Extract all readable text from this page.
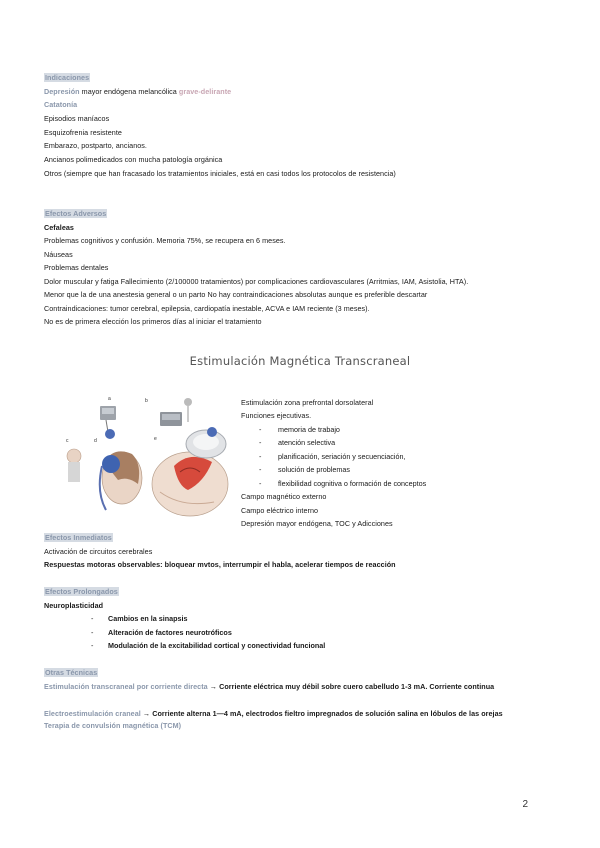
Indicaciones
Depresión mayor endógena melancólica grave-delirante
Catatonía
Episodios maníacos
Esquizofrenia resistente
Embarazo, postparto, ancianos.
Ancianos polimedicados con mucha patología orgánica
Otros (siempre que han fracasado los tratamientos iniciales, está en casi todos los protocolos de resistencia)
Efectos Adversos
Cefaleas
Problemas cognitivos y confusión. Memoria 75%, se recupera en 6 meses.
Náuseas
Problemas dentales
Dolor muscular y fatiga Fallecimiento (2/100000 tratamientos) por complicaciones cardiovasculares (Arritmias, IAM, Asistolia, HTA).
Menor que la de una anestesia general o un parto No hay contraindicaciones absolutas aunque es preferible descartar
Contraindicaciones: tumor cerebral, epilepsia, cardiopatía inestable, ACVA e IAM reciente (3 meses).
No es de primera elección los primeros días al iniciar el tratamiento
Estimulación Magnética Transcraneal
a	b
c	d	e
Estimulación zona prefrontal dorsolateral
Funciones ejecutivas.
- memoria de trabajo
- atención selectiva
- planificación, seriación y secuenciación,
- solución de problemas
- flexibilidad cognitiva o formación de conceptos
Campo magnético externo
Campo eléctrico interno
Depresión mayor endógena, TOC y Adicciones
Efectos Inmediatos
Activación de circuitos cerebrales
Respuestas motoras observables: bloquear mvtos, interrumpir el habla, acelerar tiempos de reacción
Efectos Prolongados
Neuroplasticidad
- Cambios en la sinapsis
- Alteración de factores neurotróficos
- Modulación de la excitabilidad cortical y conectividad funcional
Otras Técnicas
Estimulación transcraneal por corriente directa → Corriente eléctrica muy débil sobre cuero cabelludo 1-3 mA. Corriente continua
Electroestimulación craneal → Corriente alterna 1—4 mA, electrodos fieltro impregnados de solución salina en lóbulos de las orejas
Terapia de convulsión magnética (TCM)
2
